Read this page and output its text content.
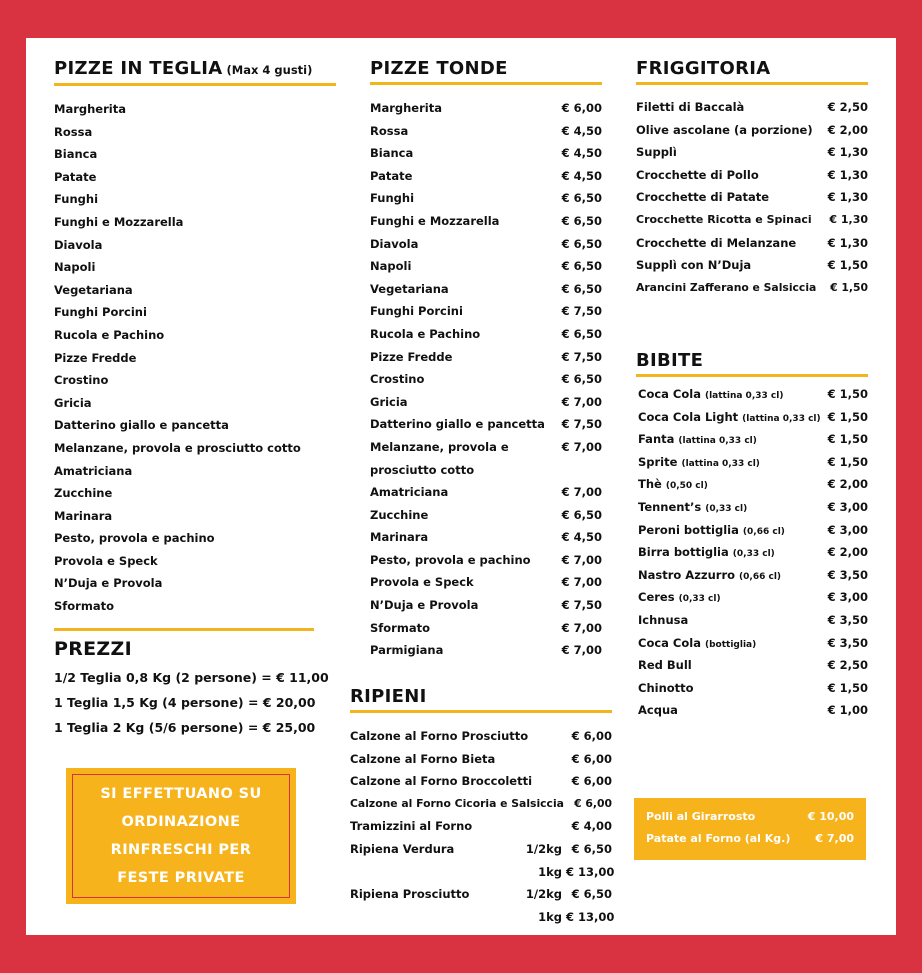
PIZZE IN TEGLIA (Max 4 gusti)
Margherita
Rossa
Bianca
Patate
Funghi
Funghi e Mozzarella
Diavola
Napoli
Vegetariana
Funghi Porcini
Rucola e Pachino
Pizze Fredde
Crostino
Gricia
Datterino giallo e pancetta
Melanzane, provola e prosciutto cotto
Amatriciana
Zucchine
Marinara
Pesto, provola e pachino
Provola e Speck
N’Duja e Provola
Sformato
PREZZI
1/2 Teglia 0,8 Kg (2 persone) = € 11,00
1 Teglia 1,5 Kg (4 persone) = € 20,00
1 Teglia 2 Kg (5/6 persone) = € 25,00
SI EFFETTUANO SU
ORDINAZIONE
RINFRESCHI PER
FESTE PRIVATE
PIZZE TONDE
Margherita	€ 6,00
Rossa	€ 4,50
Bianca	€ 4,50
Patate	€ 4,50
Funghi	€ 6,50
Funghi e Mozzarella	€ 6,50
Diavola	€ 6,50
Napoli	€ 6,50
Vegetariana	€ 6,50
Funghi Porcini	€ 7,50
Rucola e Pachino	€ 6,50
Pizze Fredde	€ 7,50
Crostino	€ 6,50
Gricia	€ 7,00
Datterino giallo e pancetta € 7,50
Melanzane, provola e prosciutto cotto
€ 7,00
Amatriciana	€ 7,00
Zucchine	€ 6,50
Marinara	€ 4,50
Pesto, provola e pachino	€ 7,00
Provola e Speck	€ 7,00
N’Duja e Provola	€ 7,50
Sformato	€ 7,00
Parmigiana	€ 7,00
RIPIENI
Calzone al Forno Prosciutto	€ 6,00
Calzone al Forno Bieta	€ 6,00
Calzone al Forno Broccoletti	€ 6,00
Calzone al Forno Cicoria e Salsiccia € 6,00
Tramizzini al Forno	€ 4,00
Ripiena Verdura	1/2kg € 6,50
1kg € 13,00
Ripiena Prosciutto	1/2kg € 6,50
1kg € 13,00
FRIGGITORIA
Filetti di Baccalà	€ 2,50
Olive ascolane (a porzione) € 2,00
Supplì	€ 1,30
Crocchette di Pollo	€ 1,30
Crocchette di Patate	€ 1,30
Crocchette Ricotta e Spinaci € 1,30
Crocchette di Melanzane	€ 1,30
Supplì con N’Duja	€ 1,50
Arancini Zafferano e Salsiccia € 1,50
BIBITE
Coca Cola (lattina 0,33 cl)	€ 1,50
Coca Cola Light (lattina 0,33 cl) € 1,50
Fanta (lattina 0,33 cl)	€ 1,50
Sprite (lattina 0,33 cl)	€ 1,50
Thè (0,50 cl)	€ 2,00
Tennent’s (0,33 cl)	€ 3,00
Peroni bottiglia (0,66 cl)	€ 3,00
Birra bottiglia (0,33 cl)	€ 2,00
Nastro Azzurro (0,66 cl)	€ 3,50
Ceres (0,33 cl)	€ 3,00
Ichnusa	€ 3,50
Coca Cola (bottiglia)	€ 3,50
Red Bull	€ 2,50
Chinotto	€ 1,50
Acqua	€ 1,00
Polli al Girarrosto	€ 10,00
Patate al Forno (al Kg.) € 7,00
